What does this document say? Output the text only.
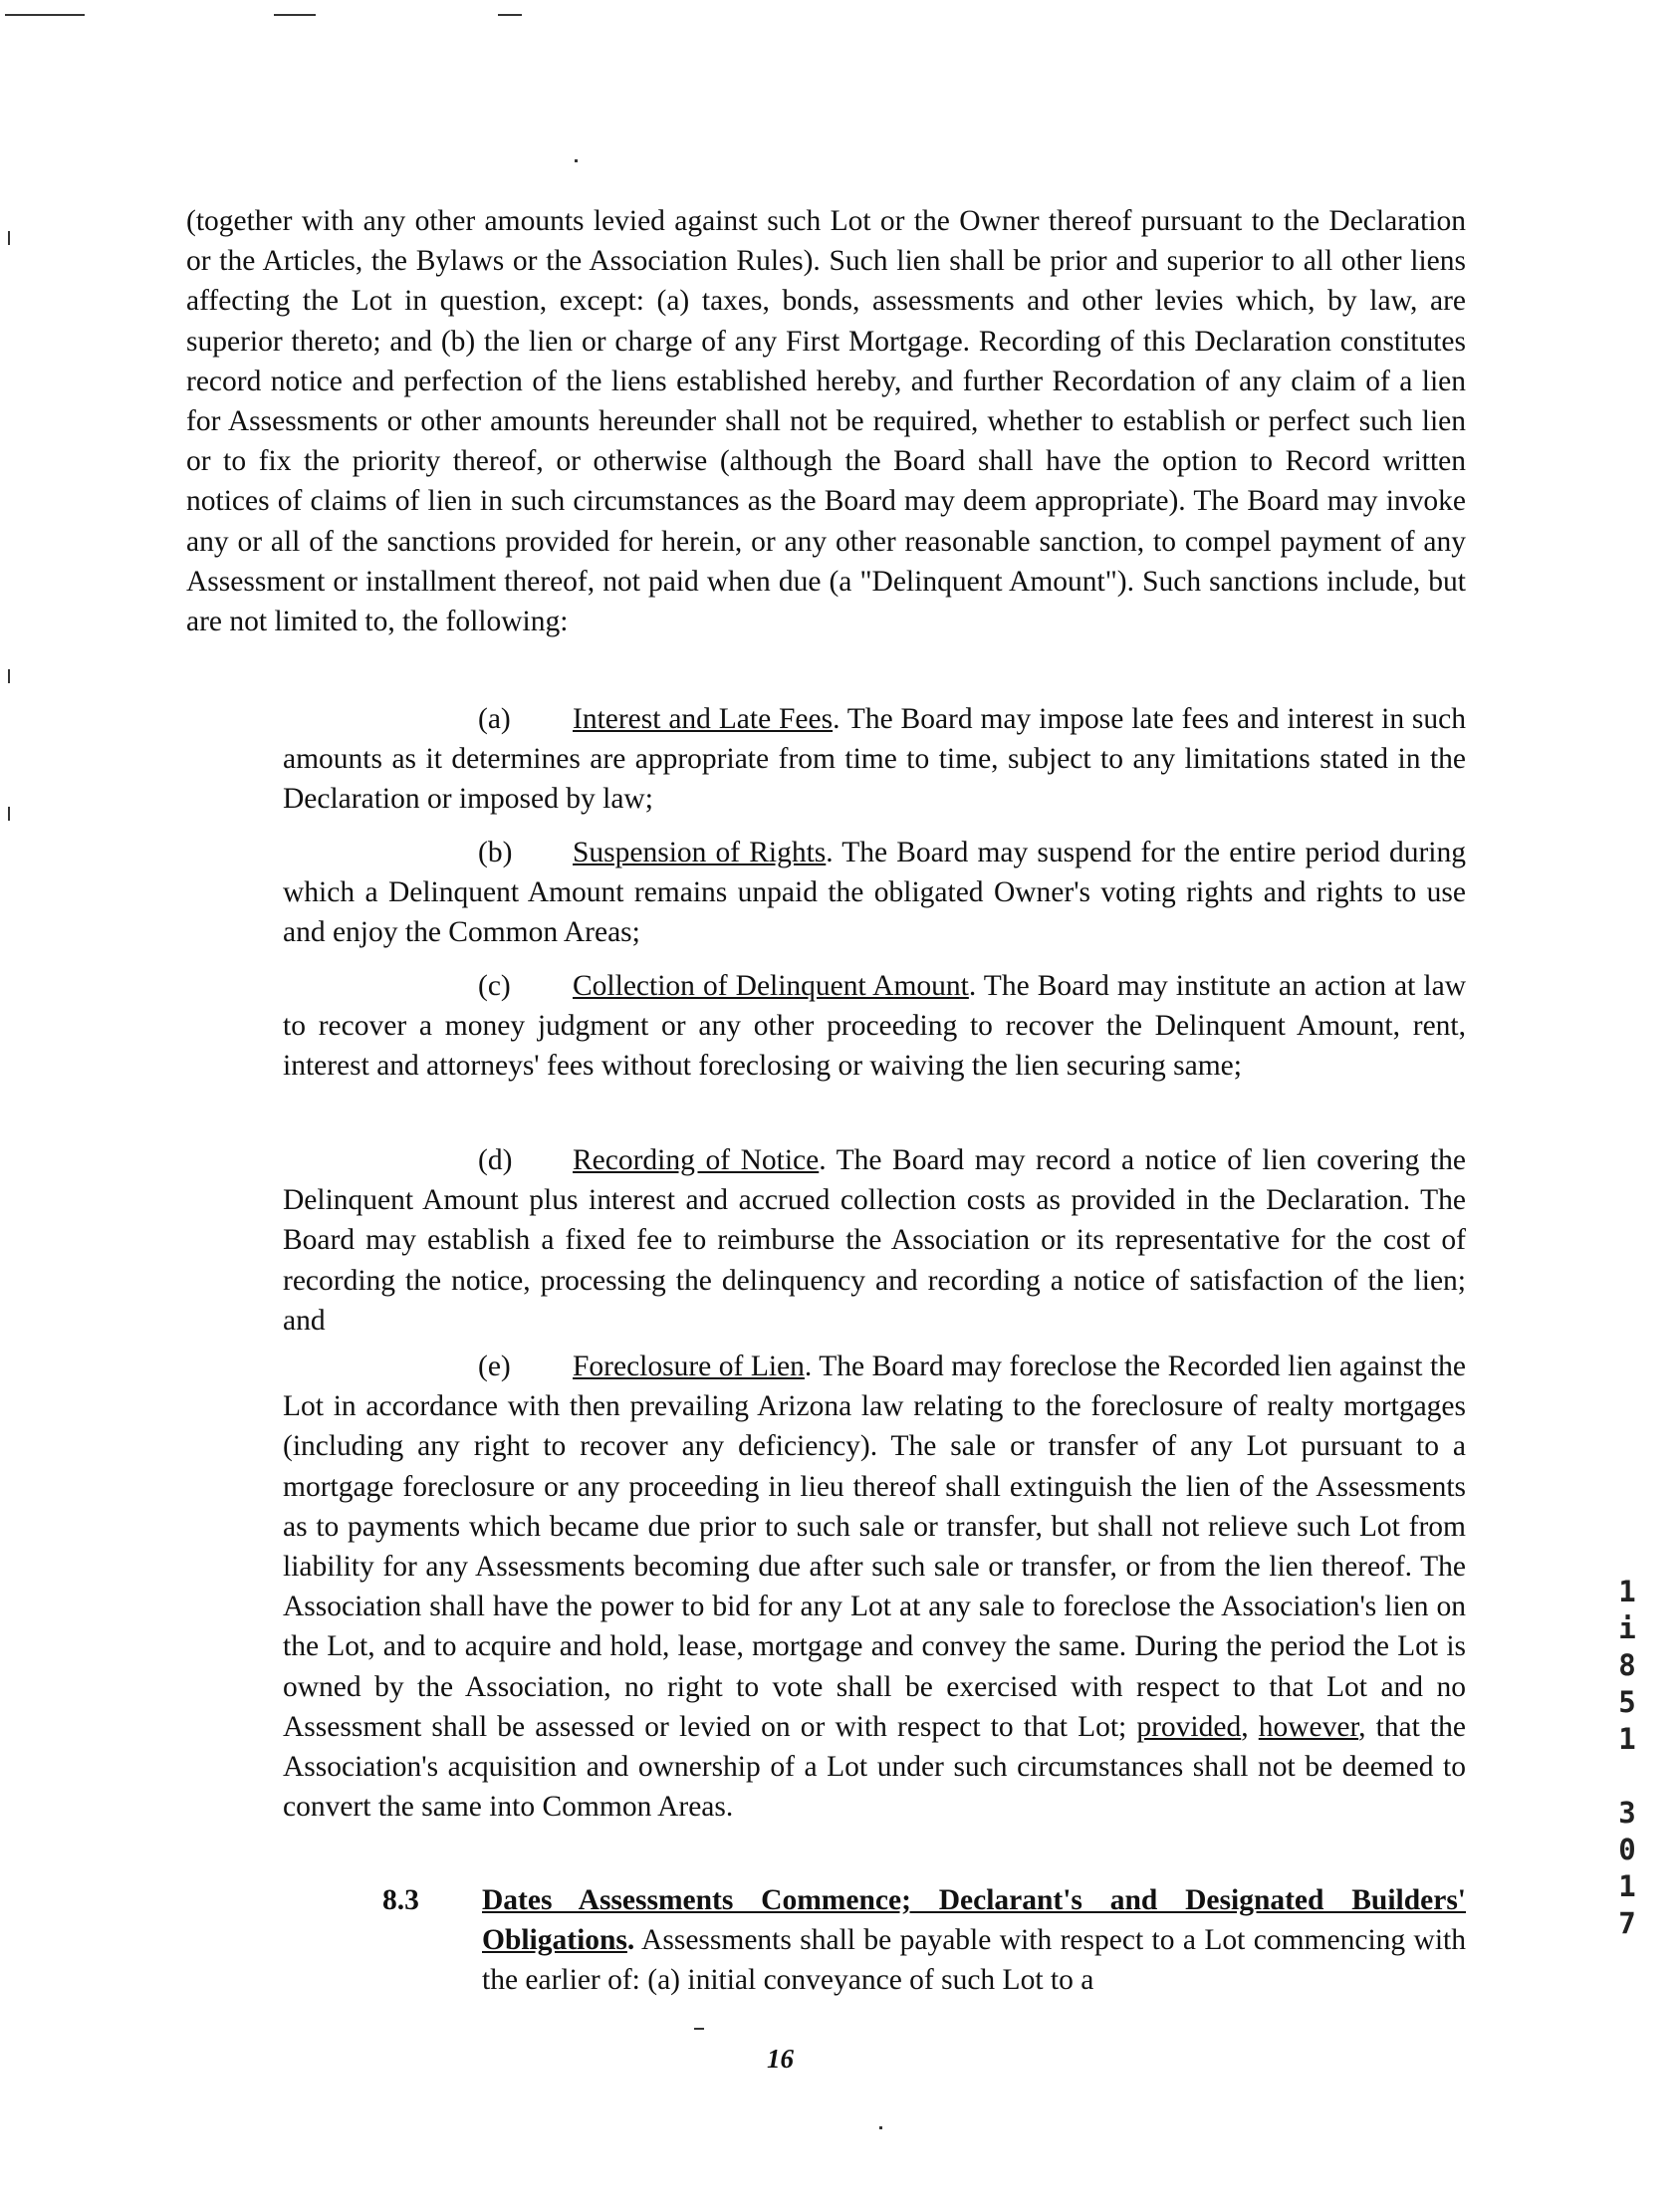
(together with any other amounts levied against such Lot or the Owner thereof pursuant to the Declaration or the Articles, the Bylaws or the Association Rules). Such lien shall be prior and superior to all other liens affecting the Lot in question, except: (a) taxes, bonds, assessments and other levies which, by law, are superior thereto; and (b) the lien or charge of any First Mortgage. Recording of this Declaration constitutes record notice and perfection of the liens established hereby, and further Recordation of any claim of a lien for Assessments or other amounts hereunder shall not be required, whether to establish or perfect such lien or to fix the priority thereof, or otherwise (although the Board shall have the option to Record written notices of claims of lien in such circumstances as the Board may deem appropriate). The Board may invoke any or all of the sanctions provided for herein, or any other reasonable sanction, to compel payment of any Assessment or installment thereof, not paid when due (a "Delinquent Amount"). Such sanctions include, but are not limited to, the following:

(a) Interest and Late Fees. The Board may impose late fees and interest in such amounts as it determines are appropriate from time to time, subject to any limitations stated in the Declaration or imposed by law;

(b) Suspension of Rights. The Board may suspend for the entire period during which a Delinquent Amount remains unpaid the obligated Owner's voting rights and rights to use and enjoy the Common Areas;

(c) Collection of Delinquent Amount. The Board may institute an action at law to recover a money judgment or any other proceeding to recover the Delinquent Amount, rent, interest and attorneys' fees without foreclosing or waiving the lien securing same;

(d) Recording of Notice. The Board may record a notice of lien covering the Delinquent Amount plus interest and accrued collection costs as provided in the Declaration. The Board may establish a fixed fee to reimburse the Association or its representative for the cost of recording the notice, processing the delinquency and recording a notice of satisfaction of the lien; and

(e) Foreclosure of Lien. The Board may foreclose the Recorded lien against the Lot in accordance with then prevailing Arizona law relating to the foreclosure of realty mortgages (including any right to recover any deficiency). The sale or transfer of any Lot pursuant to a mortgage foreclosure or any proceeding in lieu thereof shall extinguish the lien of the Assessments as to payments which became due prior to such sale or transfer, but shall not relieve such Lot from liability for any Assessments becoming due after such sale or transfer, or from the lien thereof. The Association shall have the power to bid for any Lot at any sale to foreclose the Association's lien on the Lot, and to acquire and hold, lease, mortgage and convey the same. During the period the Lot is owned by the Association, no right to vote shall be exercised with respect to that Lot and no Assessment shall be assessed or levied on or with respect to that Lot; provided, however, that the Association's acquisition and ownership of a Lot under such circumstances shall not be deemed to convert the same into Common Areas.

8.3 Dates Assessments Commence; Declarant's and Designated Builders' Obligations. Assessments shall be payable with respect to a Lot commencing with the earlier of: (a) initial conveyance of such Lot to a

16
1
i
8
5
1

3
0
1
7
